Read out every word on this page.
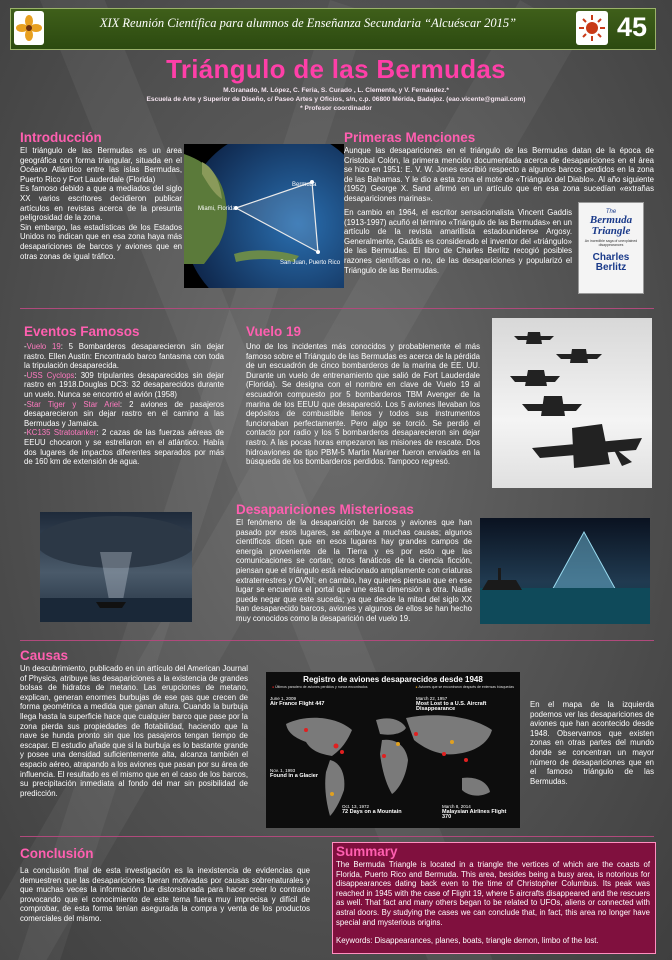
XIX Reunión Científica para alumnos de Enseñanza Secundaria “Alcuéscar 2015”	45
Triángulo de las Bermudas
M.Granado, M. López, C. Feria, S. Curado , L. Clemente, y V. Fernández.*
Escuela de Arte y Superior de Diseño, c/ Paseo Artes y Oficios, s/n, c.p. 06800 Mérida, Badajoz. (eao.vicente@gmail.com)
* Profesor coordinador
Introducción

El triángulo de las Bermudas es un área geográfica con forma triangular, situada en el Océano Atlántico entre las islas Bermudas, Puerto Rico y Fort Lauderdale (Florida)

Es famoso debido a que a mediados del siglo XX varios escritores decidieron publicar artículos en revistas acerca de la presunta peligrosidad de la zona.

Sin embargo, las estadísticas de los Estados Unidos no indican que en esa zona haya más desapariciones de barcos y aviones que en otras zonas de igual tráfico.

Bermuda
Miami, Florida
San Juan, Puerto Rico
Primeras Menciones
Aunque las desapariciones en el triángulo de las Bermudas datan de la época de Cristobal Colón, la primera mención documentada acerca de desapariciones en el área se hizo en 1951: E. V. W. Jones escribió respecto a algunos barcos perdidos en la zona de las Bahamas. Y le dio a esta zona el mote de «Triángulo del Diablo». Al año siguiente (1952) George X. Sand afirmó en un artículo que en esa zona sucedían «extrañas desapariciones marinas».
En cambio en 1964, el escritor sensacionalista Vincent Gaddis (1913-1997) acuñó el término «Triángulo de las Bermudas» en un artículo de la revista amarillista estadounidense Argosy. Generalmente, Gaddis es considerado el inventor del «triángulo» de las Bermudas. El libro de Charles Berlitz recogió posibles razones científicas o no, de las desapariciones y popularizó el Triángulo de las Bermudas.
The
Bermuda
Triangle
An incredible saga of unexplained disappearances
Charles
Berlitz
Eventos Famosos

-Vuelo 19: 5 Bombarderos desaparecieron sin dejar rastro. Ellen Austin: Encontrado barco fantasma con toda la tripulación desaparecida.

-USS Cyclops: 309 tripulantes desaparecidos sin dejar rastro en 1918.Douglas DC3: 32 desaparecidos durante un vuelo. Nunca se encontró el avión (1958)

-Star Tiger y Star Ariel: 2 aviones de pasajeros desaparecieron sin dejar rastro en el camino a las Bermudas y Jamaica.

-KC135 Stratotanker: 2 cazas de las fuerzas aéreas de EEUU chocaron y se estrellaron en el atlántico. Había dos lugares de impactos diferentes separados por más de 160 km de extensión de agua.

Vuelo 19
Uno de los incidentes más conocidos y probablemente el más famoso sobre el Triángulo de las Bermudas es acerca de la pérdida de un escuadrón de cinco bombarderos de la marina de EE. UU. Durante un vuelo de entrenamiento que salió de Fort Lauderdale (Florida). Se designa con el nombre en clave de Vuelo 19 al escuadrón compuesto por 5 bombarderos TBM Avenger de la marina de los EEUU que desapareció. Los 5 aviones llevaban los depósitos de combustible llenos y todos sus instrumentos funcionaban perfectamente. Pero algo se torció. Se perdió el contacto por radio y los 5 bombarderos desaparecieron sin dejar rastro. A las pocas horas empezaron las misiones de rescate. Dos hidroaviones de tipo PBM-5 Martin Mariner fueron enviados en la búsqueda de los bombarderos perdidos. Tampoco regresó.
Desapariciones Misteriosas
El fenómeno de la desaparición de barcos y aviones que han pasado por esos lugares, se atribuye a muchas causas; algunos científicos dicen que en esos lugares hay grandes campos de energía proveniente de la Tierra y es por esto que las comunicaciones se cortan; otros fanáticos de la ciencia ficción, piensan que el triángulo está relacionado ampliamente con criaturas extraterrestres y OVNI; en cambio, hay quienes piensan que en ese lugar se encuentra el portal que une esta dimensión a otra. Nadie puede negar que este suceda; ya que desde la mitad del siglo XX han desaparecido barcos, aviones y algunos de ellos se han hecho muy conocidos como la desaparición del vuelo 19.
Causas
Un descubrimiento, publicado en un artículo del American Journal of Physics, atribuye las desapariciones a la existencia de grandes bolsas de hidratos de metano. Las erupciones de metano, explican, generan enormes burbujas de ese gas que crecen de forma geométrica a medida que ganan altura. Cuando la burbuja llega hasta la superficie hace que cualquier barco que pase por la zona pierda sus propiedades de flotabilidad, haciendo que la nave se hunda pronto sin que los pasajeros tengan tiempo de escapar. El estudio añade que si la burbuja es lo bastante grande y posee una densidad suficientemente alta, alcanza también el espacio aéreo, atrapando a los aviones que pasan por su área de influencia. El resultado es el mismo que en el caso de los barcos, su precipitación inmediata al fondo del mar sin posibilidad de predicción.
Registro de aviones desaparecidos desde 1948
● Últimos paradero de aviones perdidos y nunca encontrados	● Aviones que se encontraron después de extensas búsquedas
June 1, 2009
Air France Flight 447
March 22, 1957
Most Lost to a U.S. Aircraft Disappearance
Nov. 1, 1993
Found in a Glacier
Oct. 13, 1972
72 Days on a Mountain
March 8, 2014
Malaysian Airlines Flight 370
En el mapa de la izquierda podemos ver las desapariciones de aviones que han acontecido desde 1948. Observamos que existen zonas en otras partes del mundo donde se concentran un mayor número de desapariciones que en el famoso triángulo de las Bermudas.
Conclusión
La conclusión final de esta investigación es la inexistencia de evidencias que demuestren que las desapariciones fueran motivadas por causas sobrenaturales y que muchas veces la información fue distorsionada para hacer creer lo contrario provocando que el conocimiento de este tema fuera muy imprecisa y difícil de comprobar, de esta forma tenían asegurada la compra y venta de los productos comerciales del mismo.
Summary
The Bermuda Triangle is located in a triangle the vertices of which are the coasts of Florida, Puerto Rico and Bermuda. This area, besides being a busy area, is notorious for disappearances dating back even to the time of Christopher Columbus. Its peak was reached in 1945 with the case of Flight 19, where 5 aircrafts disappeared and the rescuers as well. That fact and many others began to be related to UFOs, aliens or connected with astral doors. By studying the cases we can conclude that, in fact, this area no longer have special and mysterious origins.
Keywords: Disappearances, planes, boats, triangle demon, limbo of the lost.
